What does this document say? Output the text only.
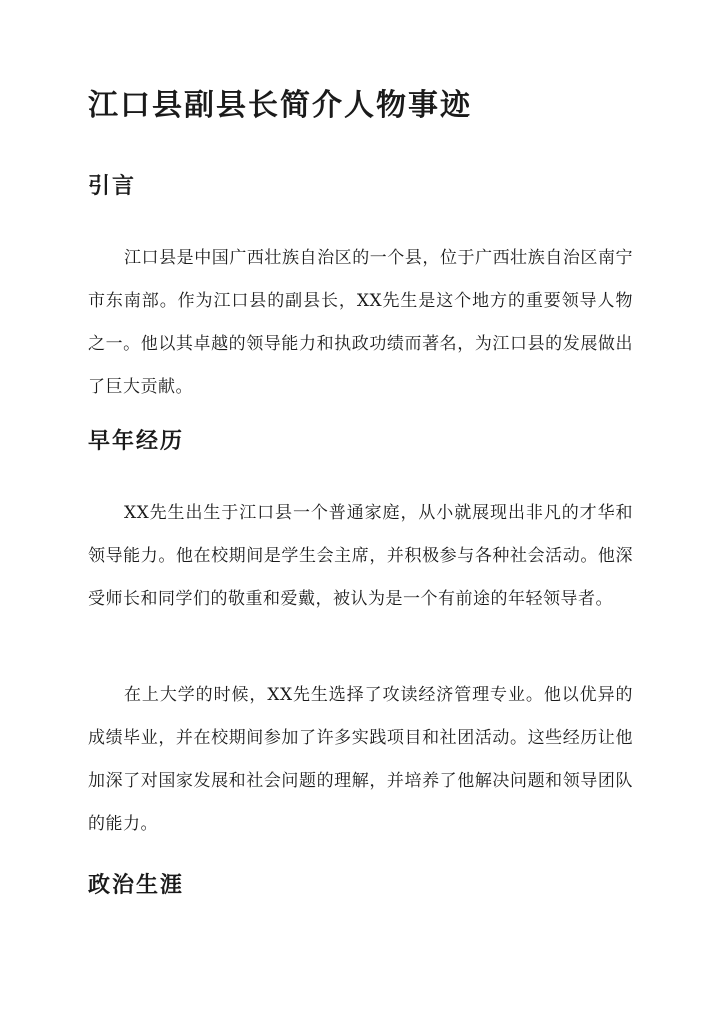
江口县副县长简介人物事迹
引言

江口县是中国广西壮族自治区的一个县，位于广西壮族自治区南宁市东南部。作为江口县的副县长，XX先生是这个地方的重要领导人物之一。他以其卓越的领导能力和执政功绩而著名，为江口县的发展做出了巨大贡献。

早年经历

XX先生出生于江口县一个普通家庭，从小就展现出非凡的才华和领导能力。他在校期间是学生会主席，并积极参与各种社会活动。他深受师长和同学们的敬重和爱戴，被认为是一个有前途的年轻领导者。

在上大学的时候，XX先生选择了攻读经济管理专业。他以优异的成绩毕业，并在校期间参加了许多实践项目和社团活动。这些经历让他加深了对国家发展和社会问题的理解，并培养了他解决问题和领导团队的能力。

政治生涯
